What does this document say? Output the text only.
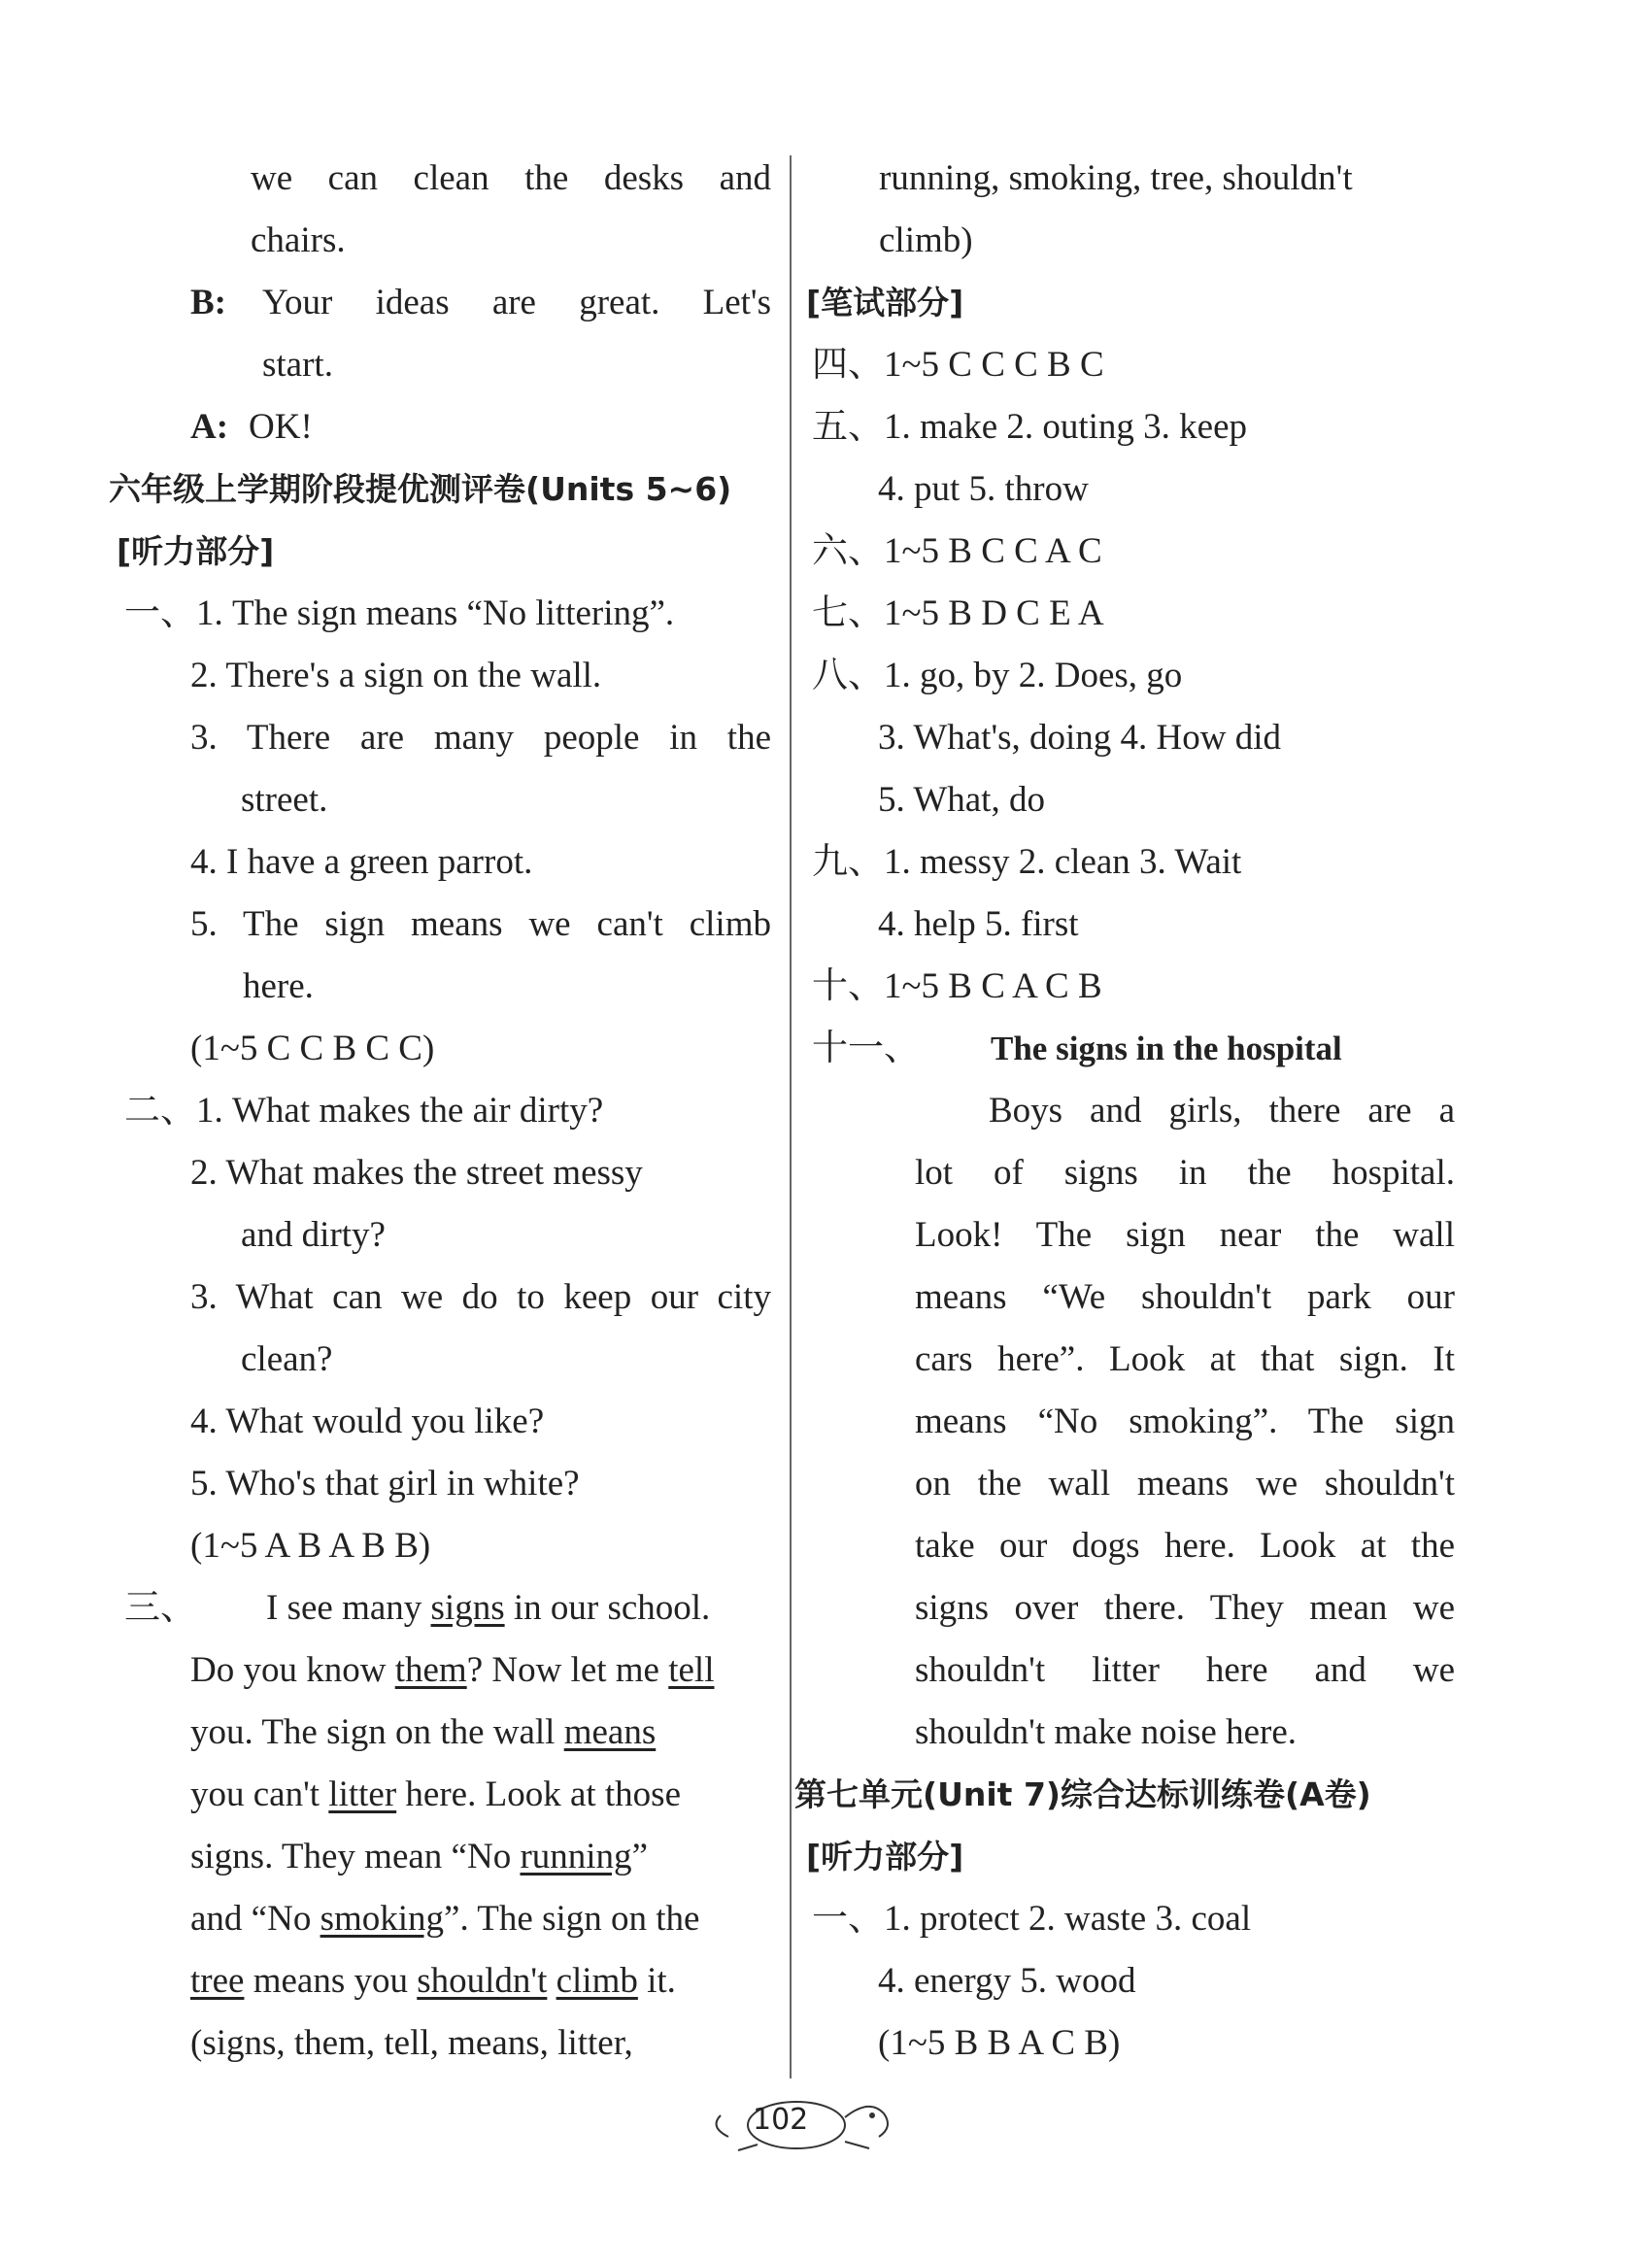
we can clean the desks and
chairs.
B: Your ideas are great. Let's
start.
A: OK!
六年级上学期阶段提优测评卷(Units 5~6)
[听力部分]
一、1. The sign means “No littering”.
2. There's a sign on the wall.
3. There are many people in the
street.
4. I have a green parrot.
5. The sign means we can't climb
here.
(1~5 C C B C C)
二、1. What makes the air dirty?
2. What makes the street messy
and dirty?
3. What can we do to keep our city
clean?
4. What would you like?
5. Who's that girl in white?
(1~5 A B A B B)
三、 I see many signs in our school.
Do you know them? Now let me tell
you. The sign on the wall means
you can't litter here. Look at those
signs. They mean “No running”
and “No smoking”. The sign on the
tree means you shouldn't climb it.
(signs, them, tell, means, litter,
running, smoking, tree, shouldn't
climb)
[笔试部分]
四、1~5 C C C B C
五、1. make 2. outing 3. keep
4. put 5. throw
六、1~5 B C C A C
七、1~5 B D C E A
八、1. go, by 2. Does, go
3. What's, doing 4. How did
5. What, do
九、1. messy 2. clean 3. Wait
4. help 5. first
十、1~5 B C A C B
十一、 The signs in the hospital
Boys and girls, there are a
lot of signs in the hospital.
Look! The sign near the wall
means “We shouldn't park our
cars here”. Look at that sign. It
means “No smoking”. The sign
on the wall means we shouldn't
take our dogs here. Look at the
signs over there. They mean we
shouldn't litter here and we
shouldn't make noise here.
第七单元(Unit 7)综合达标训练卷(A卷)
[听力部分]
一、1. protect 2. waste 3. coal
4. energy 5. wood
(1~5 B B A C B)
102
